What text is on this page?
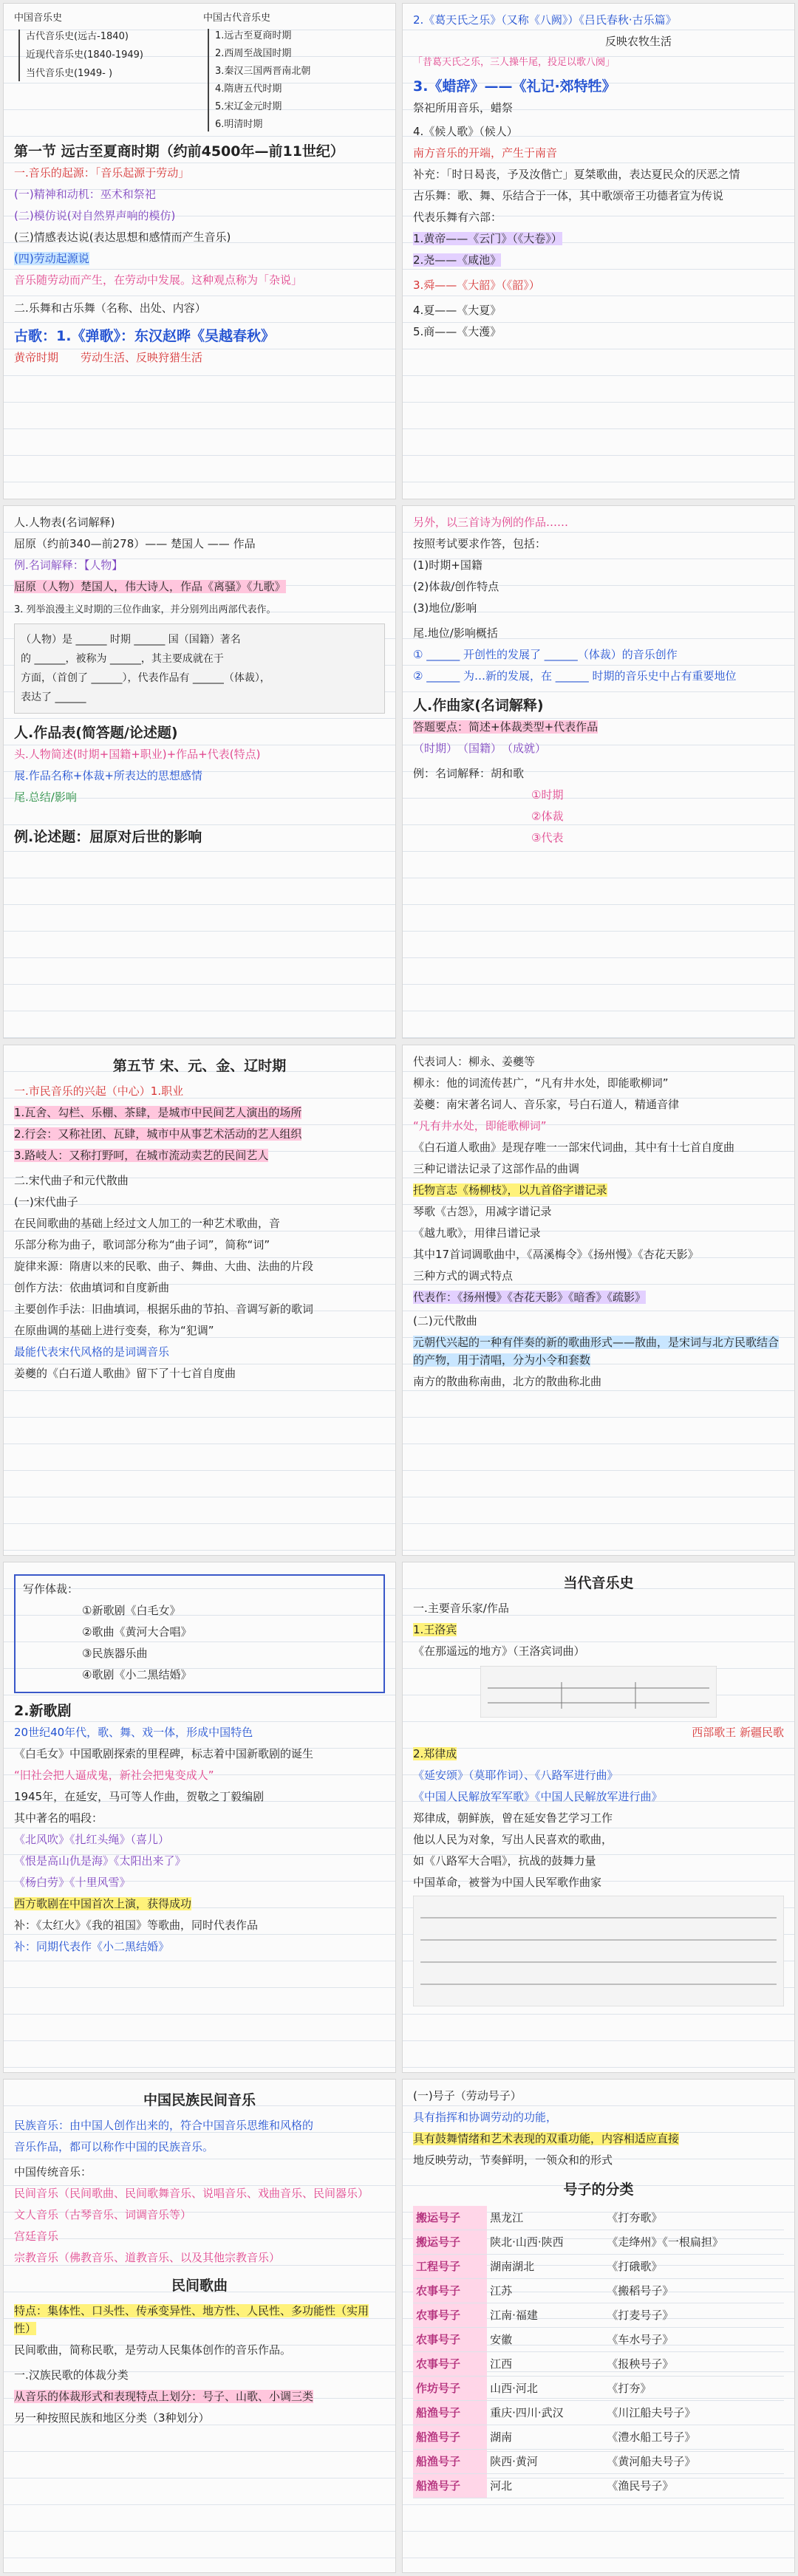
中国音乐史
古代音乐史(远古-1840)
近现代音乐史(1840-1949)
当代音乐史(1949- )
中国古代音乐史
1.远古至夏商时期
2.西周至战国时期
3.秦汉三国两晋南北朝
4.隋唐五代时期
5.宋辽金元时期
6.明清时期
第一节 远古至夏商时期（约前4500年—前11世纪）
一.音乐的起源：「音乐起源于劳动」
(一)精神和动机：巫术和祭祀
(二)模仿说(对自然界声响的模仿)
(三)情感表达说(表达思想和感情而产生音乐)
(四)劳动起源说
音乐随劳动而产生，在劳动中发展。这种观点称为「杂说」
二.乐舞和古乐舞（名称、出处、内容）
古歌：1.《弹歌》：东汉赵晔《吴越春秋》
黄帝时期　　劳动生活、反映狩猎生活
2.《葛天氏之乐》（又称《八阙》）《吕氏春秋·古乐篇》
反映农牧生活
「昔葛天氏之乐，三人操牛尾，投足以歌八阕」
3.《蜡辞》——《礼记·郊特牲》
祭祀所用音乐，蜡祭
4.《候人歌》（候人）
南方音乐的开端，产生于南音
补充：「时日曷丧，予及汝偕亡」夏桀歌曲，表达夏民众的厌恶之情
古乐舞：歌、舞、乐结合于一体，其中歌颂帝王功德者宣为传说
代表乐舞有六部：
1.黄帝——《云门》（《大卷》）
2.尧——《咸池》
3.舜——《大韶》（《韶》）
4.夏——《大夏》
5.商——《大濩》
人.人物表(名词解释)
屈原（约前340—前278）—— 楚国人 —— 作品
例.名词解释：【人物】
屈原（人物）楚国人，伟大诗人，作品《离骚》《九歌》
3. 列举浪漫主义时期的三位作曲家，并分别列出两部代表作。
（人物）是 ______ 时期 ______ 国（国籍）著名
的 ______，被称为 ______，其主要成就在于
方面，（首创了 ______），代表作品有 ______（体裁），
表达了 ______
人.作品表(简答题/论述题)
头.人物简述(时期+国籍+职业)+作品+代表(特点)
展.作品名称+体裁+所表达的思想感情
尾.总结/影响
例.论述题：屈原对后世的影响
另外，以三首诗为例的作品……
按照考试要求作答，包括：
(1)时期+国籍
(2)体裁/创作特点
(3)地位/影响
尾.地位/影响概括
① ______ 开创性的发展了 ______（体裁）的音乐创作
② ______ 为…新的发展，在 ______ 时期的音乐史中占有重要地位
人.作曲家(名词解释)
答题要点：简述+体裁类型+代表作品
（时期）　（国籍）　（成就）
例：名词解释：胡和歌
①时期
②体裁
③代表
第五节 宋、元、金、辽时期
一.市民音乐的兴起（中心）1.职业
1.瓦舍、勾栏、乐棚、茶肆，是城市中民间艺人演出的场所
2.行会：又称社团、瓦肆，城市中从事艺术活动的艺人组织
3.路岐人：又称打野呵，在城市流动卖艺的民间艺人
二.宋代曲子和元代散曲
(一)宋代曲子
在民间歌曲的基础上经过文人加工的一种艺术歌曲，音
乐部分称为曲子，歌词部分称为“曲子词”，简称“词”
旋律来源：隋唐以来的民歌、曲子、舞曲、大曲、法曲的片段
创作方法：依曲填词和自度新曲
主要创作手法：旧曲填词，根据乐曲的节拍、音调写新的歌词
在原曲调的基础上进行变奏，称为“犯调”
最能代表宋代风格的是词调音乐
姜夔的《白石道人歌曲》留下了十七首自度曲
代表词人：柳永、姜夔等
柳永：他的词流传甚广，“凡有井水处，即能歌柳词”
姜夔：南宋著名词人、音乐家，号白石道人，精通音律
“凡有井水处，即能歌柳词”
《白石道人歌曲》是现存唯一一部宋代词曲，其中有十七首自度曲
三种记谱法记录了这部作品的曲调
托物言志《杨柳枝》，以九首俗字谱记录
琴歌《古怨》，用减字谱记录
《越九歌》，用律吕谱记录
其中17首词调歌曲中，《鬲溪梅令》《扬州慢》《杏花天影》
三种方式的调式特点
代表作：《扬州慢》《杏花天影》《暗香》《疏影》
(二)元代散曲
元朝代兴起的一种有伴奏的新的歌曲形式——散曲，是宋词与北方民歌结合的产物，用于清唱，分为小令和套数
南方的散曲称南曲，北方的散曲称北曲
写作体裁：
①新歌剧《白毛女》
②歌曲《黄河大合唱》
③民族器乐曲
④歌剧《小二黑结婚》
2.新歌剧
20世纪40年代，歌、舞、戏一体，形成中国特色
《白毛女》中国歌剧探索的里程碑，标志着中国新歌剧的诞生
“旧社会把人逼成鬼，新社会把鬼变成人”
1945年，在延安，马可等人作曲，贺敬之丁毅编剧
其中著名的唱段：
《北风吹》《扎红头绳》（喜儿）
《恨是高山仇是海》《太阳出来了》
《杨白劳》《十里风雪》
西方歌剧在中国首次上演，获得成功
补：《太红火》《我的祖国》等歌曲，同时代表作品
补：同期代表作《小二黑结婚》
当代音乐史
一.主要音乐家/作品
1.王洛宾
《在那遥远的地方》（王洛宾词曲）
西部歌王 新疆民歌
2.郑律成
《延安颂》（莫耶作词）、《八路军进行曲》
《中国人民解放军军歌》《中国人民解放军进行曲》
郑律成，朝鲜族，曾在延安鲁艺学习工作
他以人民为对象，写出人民喜欢的歌曲，
如《八路军大合唱》，抗战的鼓舞力量
中国革命，被誉为中国人民军歌作曲家
中国民族民间音乐
民族音乐：由中国人创作出来的，符合中国音乐思维和风格的
音乐作品，都可以称作中国的民族音乐。
中国传统音乐：
民间音乐（民间歌曲、民间歌舞音乐、说唱音乐、戏曲音乐、民间器乐）
文人音乐（古琴音乐、词调音乐等）
宫廷音乐
宗教音乐（佛教音乐、道教音乐、以及其他宗教音乐）
民间歌曲
特点：集体性、口头性、传承变异性、地方性、人民性、多功能性（实用性）
民间歌曲，简称民歌，是劳动人民集体创作的音乐作品。
一.汉族民歌的体裁分类
从音乐的体裁形式和表现特点上划分：号子、山歌、小调三类
另一种按照民族和地区分类（3种划分）
(一)号子（劳动号子）
具有指挥和协调劳动的功能，
具有鼓舞情绪和艺术表现的双重功能，内容相适应直接
地反映劳动，节奏鲜明，一领众和的形式
号子的分类
搬运号子	黑龙江	《打夯歌》
搬运号子	陕北·山西·陕西	《走绛州》《一根扁担》
工程号子	湖南湖北	《打硪歌》
农事号子	江苏	《搬稻号子》
农事号子	江南·福建	《打麦号子》
农事号子	安徽	《车水号子》
农事号子	江西	《报秧号子》
作坊号子	山西·河北	《打夯》
船渔号子	重庆·四川·武汉	《川江船夫号子》
船渔号子	湖南	《澧水船工号子》
船渔号子	陕西·黄河	《黄河船夫号子》
船渔号子	河北	《渔民号子》
